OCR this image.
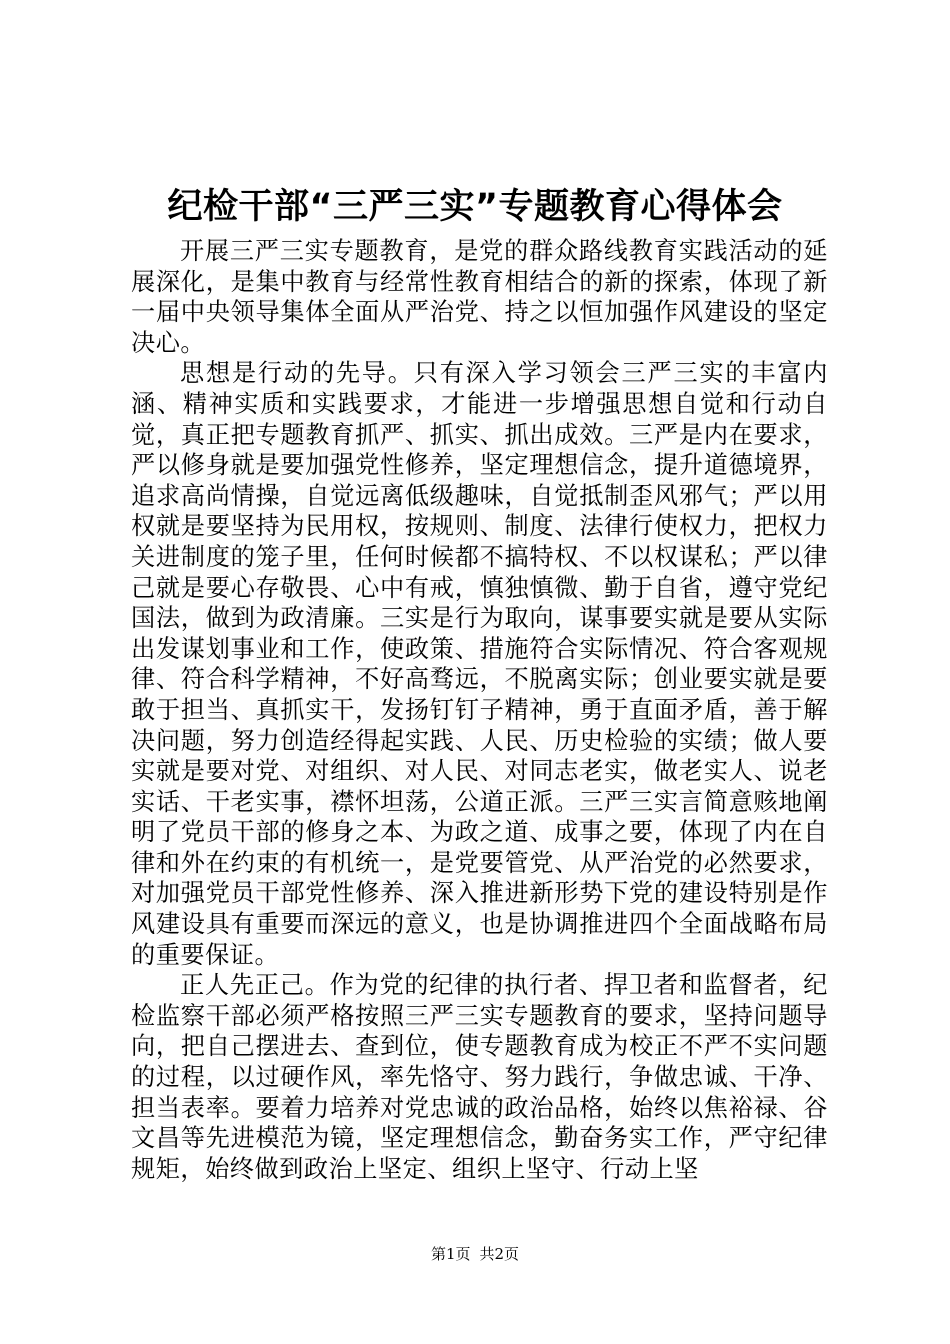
纪检干部“三严三实”专题教育心得体会

开展三严三实专题教育，是党的群众路线教育实践活动的延展深化，是集中教育与经常性教育相结合的新的探索，体现了新一届中央领导集体全面从严治党、持之以恒加强作风建设的坚定决心。

思想是行动的先导。只有深入学习领会三严三实的丰富内涵、精神实质和实践要求，才能进一步增强思想自觉和行动自觉，真正把专题教育抓严、抓实、抓出成效。三严是内在要求，严以修身就是要加强党性修养，坚定理想信念，提升道德境界，追求高尚情操，自觉远离低级趣味，自觉抵制歪风邪气；严以用权就是要坚持为民用权，按规则、制度、法律行使权力，把权力关进制度的笼子里，任何时候都不搞特权、不以权谋私；严以律己就是要心存敬畏、心中有戒，慎独慎微、勤于自省，遵守党纪国法，做到为政清廉。三实是行为取向，谋事要实就是要从实际出发谋划事业和工作，使政策、措施符合实际情况、符合客观规律、符合科学精神，不好高骛远，不脱离实际；创业要实就是要敢于担当、真抓实干，发扬钉钉子精神，勇于直面矛盾，善于解决问题，努力创造经得起实践、人民、历史检验的实绩；做人要实就是要对党、对组织、对人民、对同志老实，做老实人、说老实话、干老实事，襟怀坦荡，公道正派。三严三实言简意赅地阐明了党员干部的修身之本、为政之道、成事之要，体现了内在自律和外在约束的有机统一，是党要管党、从严治党的必然要求，对加强党员干部党性修养、深入推进新形势下党的建设特别是作风建设具有重要而深远的意义，也是协调推进四个全面战略布局的重要保证。

正人先正己。作为党的纪律的执行者、捍卫者和监督者，纪检监察干部必须严格按照三严三实专题教育的要求，坚持问题导向，把自己摆进去、查到位，使专题教育成为校正不严不实问题的过程，以过硬作风，率先恪守、努力践行，争做忠诚、干净、担当表率。要着力培养对党忠诚的政治品格，始终以焦裕禄、谷文昌等先进模范为镜，坚定理想信念，勤奋务实工作，严守纪律规矩，始终做到政治上坚定、组织上坚守、行动上坚

第1页 共2页
